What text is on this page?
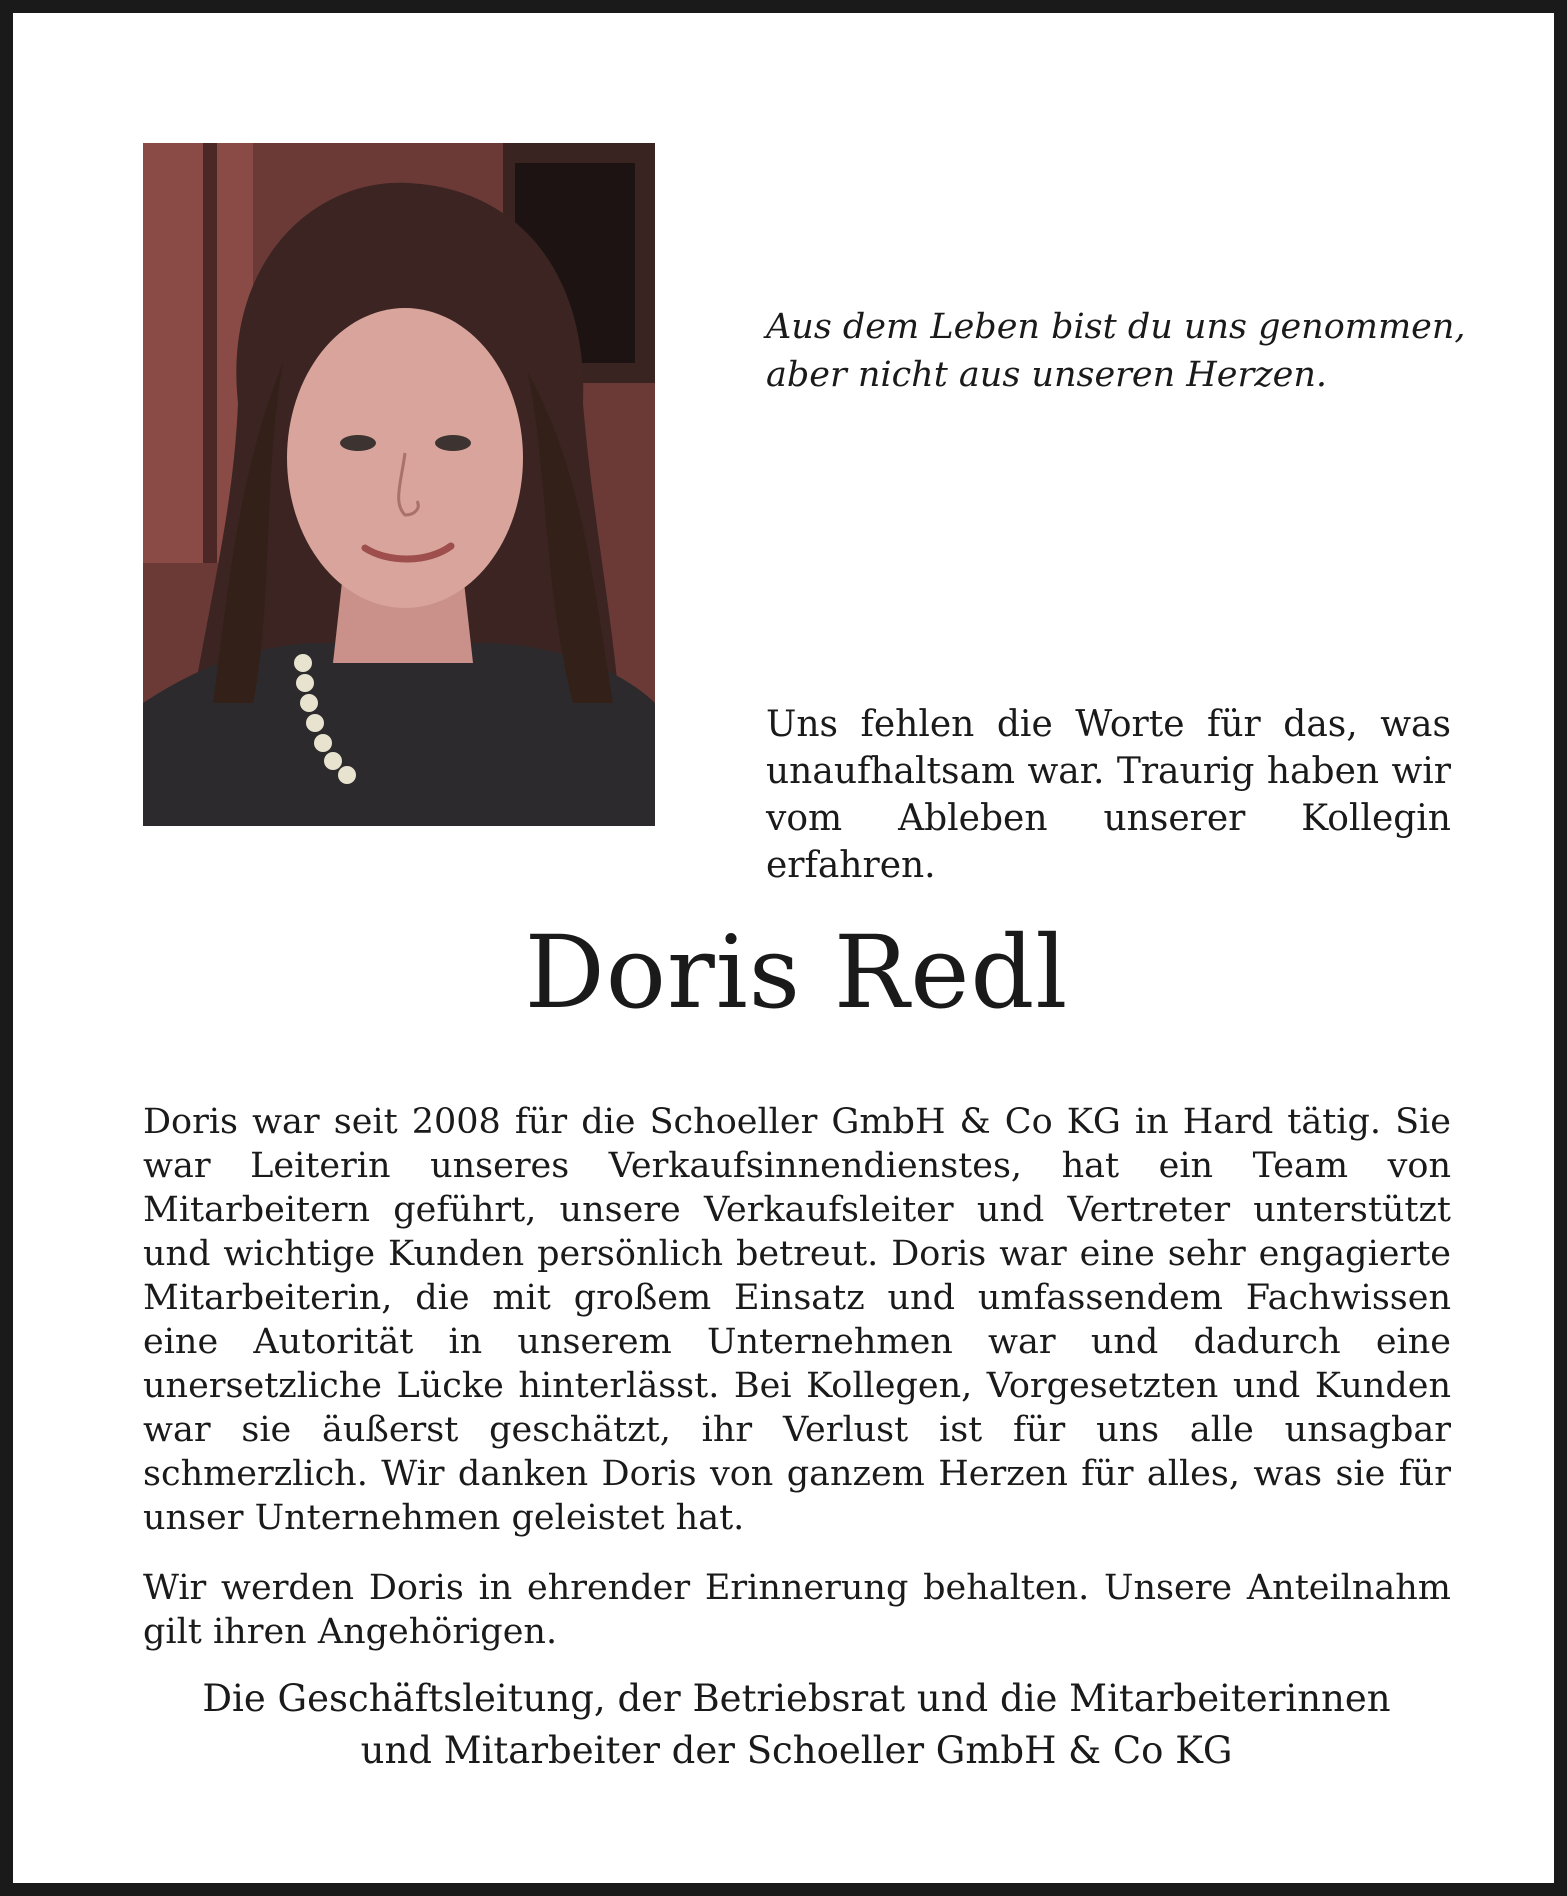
Aus dem Leben bist du uns genommen,
aber nicht aus unseren Herzen.
Uns fehlen die Worte für das, was unaufhaltsam war. Traurig haben wir vom Ableben unserer Kollegin erfahren.
Doris Redl

Doris war seit 2008 für die Schoeller GmbH & Co KG in Hard tätig. Sie war Leiterin unseres Verkaufsinnendienstes, hat ein Team von Mitarbeitern geführt, unsere Verkaufsleiter und Vertreter unterstützt und wichtige Kunden persönlich betreut. Doris war eine sehr engagierte Mitarbeiterin, die mit großem Einsatz und umfassendem Fachwissen eine Autorität in unserem Unternehmen war und dadurch eine unersetzliche Lücke hinterlässt. Bei Kollegen, Vorgesetzten und Kunden war sie äußerst geschätzt, ihr Verlust ist für uns alle unsagbar schmerzlich. Wir danken Doris von ganzem Herzen für alles, was sie für unser Unternehmen geleistet hat.

Wir werden Doris in ehrender Erinnerung behalten. Unsere Anteilnahm gilt ihren Angehörigen.

Die Geschäftsleitung, der Betriebsrat und die Mitarbeiterinnen
und Mitarbeiter der Schoeller GmbH & Co KG
